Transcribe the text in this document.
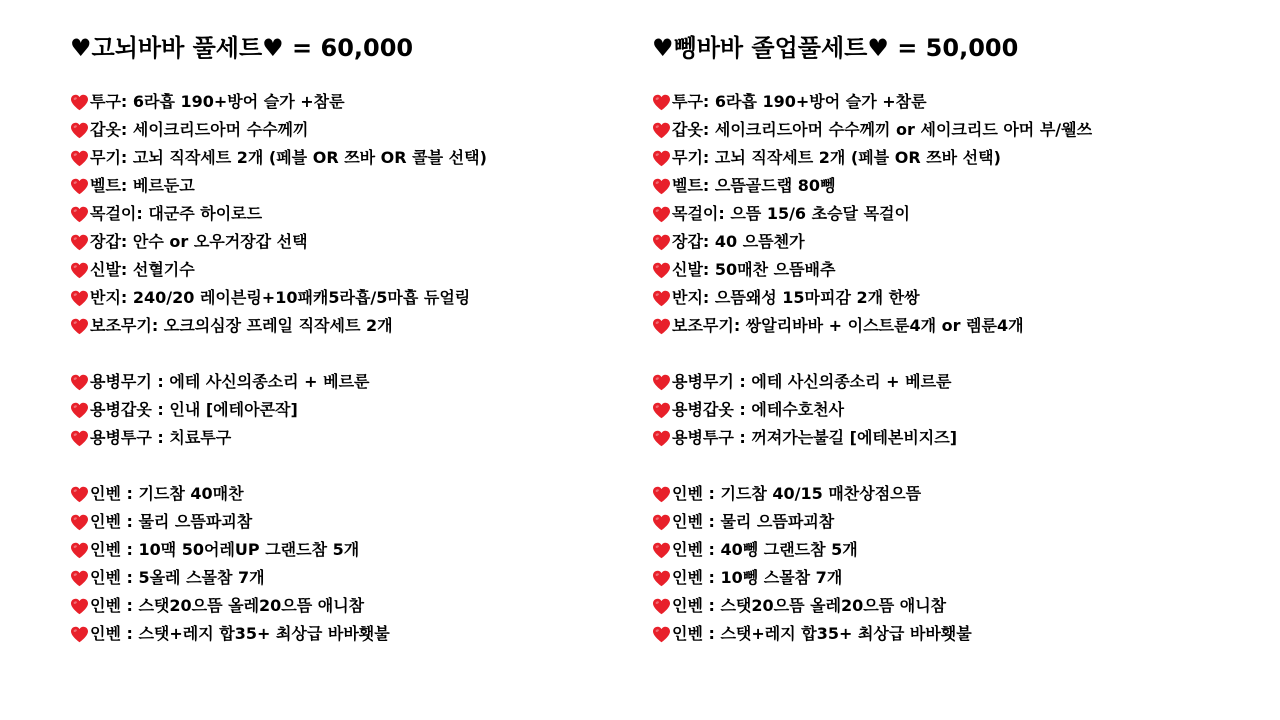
♥고뇌바바 풀세트♥ = 60,000
투구: 6라흡 190+방어 슬가 +참룬
갑옷: 세이크리드아머 수수께끼
무기: 고뇌 직작세트 2개 (페블 OR 쯔바 OR 콜블 선택)
벨트: 베르둔고
목걸이: 대군주 하이로드
장갑: 안수 or 오우거장갑 선택
신발: 선혈기수
반지: 240/20 레이븐링+10패캐5라흡/5마흡 듀얼링
보조무기: 오크의심장 프레일 직작세트 2개
용병무기 : 에테 사신의종소리 + 베르룬
용병갑옷 : 인내 [에테아콘작]
용병투구 : 치료투구
인벤 : 기드참 40매찬
인벤 : 물리 으뜸파괴참
인벤 : 10맥 50어레UP 그랜드참 5개
인벤 : 5올레 스몰참 7개
인벤 : 스탯20으뜸 올레20으뜸 애니참
인벤 : 스탯+레지 합35+ 최상급 바바횃불
♥뼁바바 졸업풀세트♥ = 50,000
투구: 6라흡 190+방어 슬가 +참룬
갑옷: 세이크리드아머 수수께끼 or 세이크리드 아머 부/웰쓰
무기: 고뇌 직작세트 2개 (페블 OR 쯔바 선택)
벨트: 으뜸골드랩 80뼁
목걸이: 으뜸 15/6 초승달 목걸이
장갑: 40 으뜸첸가
신발: 50매찬 으뜸배추
반지: 으뜸왜성 15마피감 2개 한쌍
보조무기: 쌍알리바바 + 이스트룬4개 or 렘룬4개
용병무기 : 에테 사신의종소리 + 베르룬
용병갑옷 : 에테수호천사
용병투구 : 꺼져가는불길 [에테본비지즈]
인벤 : 기드참 40/15 매찬상점으뜸
인벤 : 물리 으뜸파괴참
인벤 : 40뼁 그랜드참 5개
인벤 : 10뼁 스몰참 7개
인벤 : 스탯20으뜸 올레20으뜸 애니참
인벤 : 스탯+레지 합35+ 최상급 바바횃불
